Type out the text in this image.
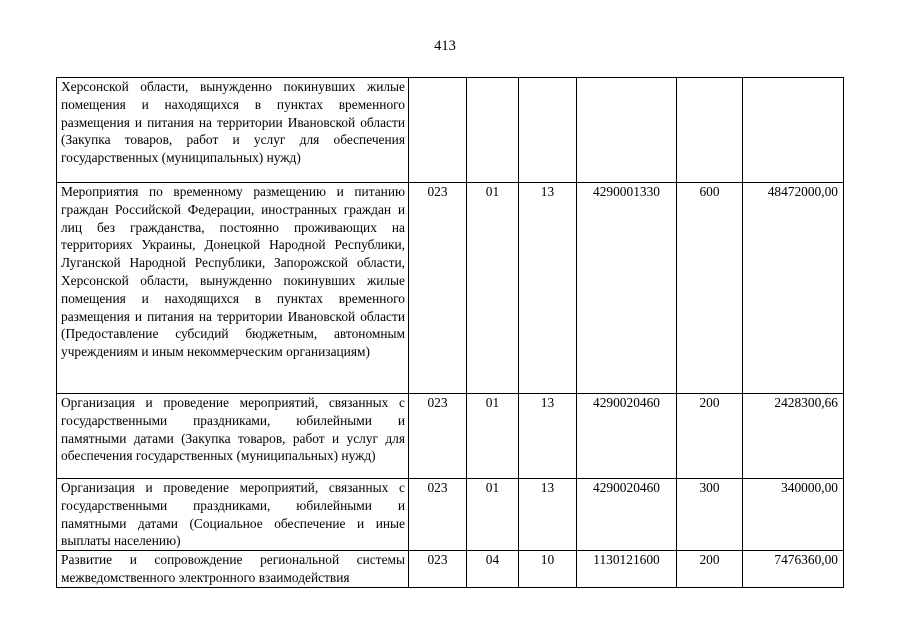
413
Херсонской области, вынужденно покинувших жилые помещения и находящихся в пунктах временного размещения и питания на территории Ивановской области (Закупка товаров, работ и услуг для обеспечения государственных (муниципальных) нужд)						
Мероприятия по временному размещению и питанию граждан Российской Федерации, иностранных граждан и лиц без гражданства, постоянно проживающих на территориях Украины, Донецкой Народной Республики, Луганской Народной Республики, Запорожской области, Херсонской области, вынужденно покинувших жилые помещения и находящихся в пунктах временного размещения и питания на территории Ивановской области (Предоставление субсидий бюджетным, автономным учреждениям и иным некоммерческим организациям)	023	01	13	4290001330	600	48472000,00
Организация и проведение мероприятий, связанных с государственными праздниками, юбилейными и памятными датами (Закупка товаров, работ и услуг для обеспечения государственных (муниципальных) нужд)	023	01	13	4290020460	200	2428300,66
Организация и проведение мероприятий, связанных с государственными праздниками, юбилейными и памятными датами (Социальное обеспечение и иные выплаты населению)	023	01	13	4290020460	300	340000,00
Развитие и сопровождение региональной системы межведомственного электронного взаимодействия	023	04	10	1130121600	200	7476360,00
